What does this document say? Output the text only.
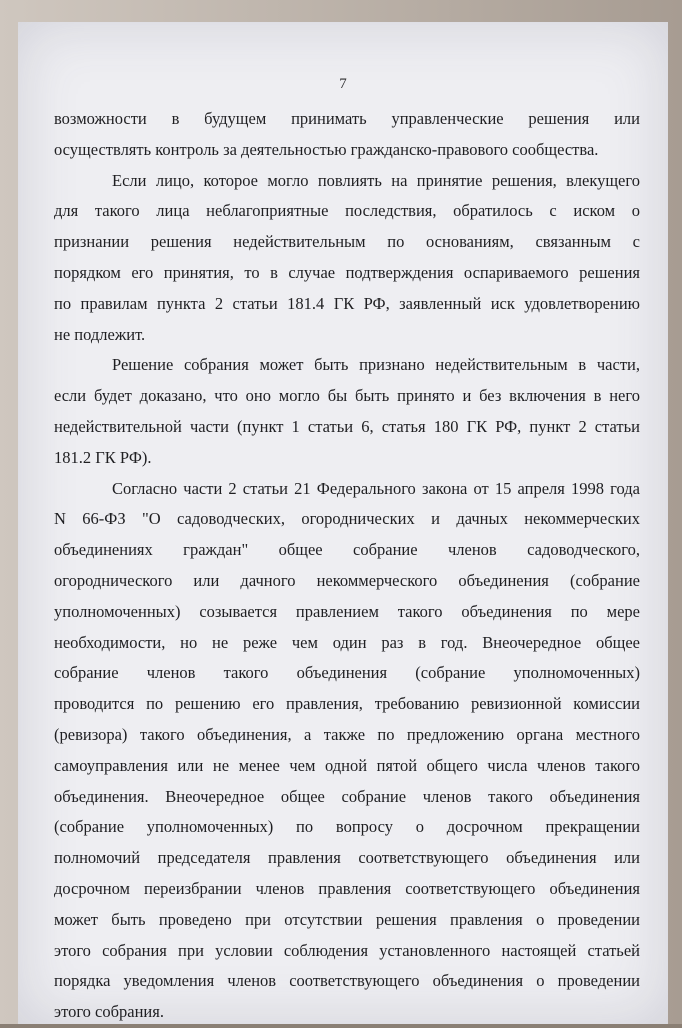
7
возможности в будущем принимать управленческие решения или
осуществлять контроль за деятельностью гражданско-правового сообщества.
Если лицо, которое могло повлиять на принятие решения, влекущего
для такого лица неблагоприятные последствия, обратилось с иском о
признании решения недействительным по основаниям, связанным с
порядком его принятия, то в случае подтверждения оспариваемого решения
по правилам пункта 2 статьи 181.4 ГК РФ, заявленный иск удовлетворению
не подлежит.
Решение собрания может быть признано недействительным в части,
если будет доказано, что оно могло бы быть принято и без включения в него
недействительной части (пункт 1 статьи 6, статья 180 ГК РФ, пункт 2 статьи
181.2 ГК РФ).
Согласно части 2 статьи 21 Федерального закона от 15 апреля 1998 года
N 66-ФЗ "О садоводческих, огороднических и дачных некоммерческих
объединениях граждан" общее собрание членов садоводческого,
огороднического или дачного некоммерческого объединения (собрание
уполномоченных) созывается правлением такого объединения по мере
необходимости, но не реже чем один раз в год. Внеочередное общее
собрание членов такого объединения (собрание уполномоченных)
проводится по решению его правления, требованию ревизионной комиссии
(ревизора) такого объединения, а также по предложению органа местного
самоуправления или не менее чем одной пятой общего числа членов такого
объединения. Внеочередное общее собрание членов такого объединения
(собрание уполномоченных) по вопросу о досрочном прекращении
полномочий председателя правления соответствующего объединения или
досрочном переизбрании членов правления соответствующего объединения
может быть проведено при отсутствии решения правления о проведении
этого собрания при условии соблюдения установленного настоящей статьей
порядка уведомления членов соответствующего объединения о проведении
этого собрания.
